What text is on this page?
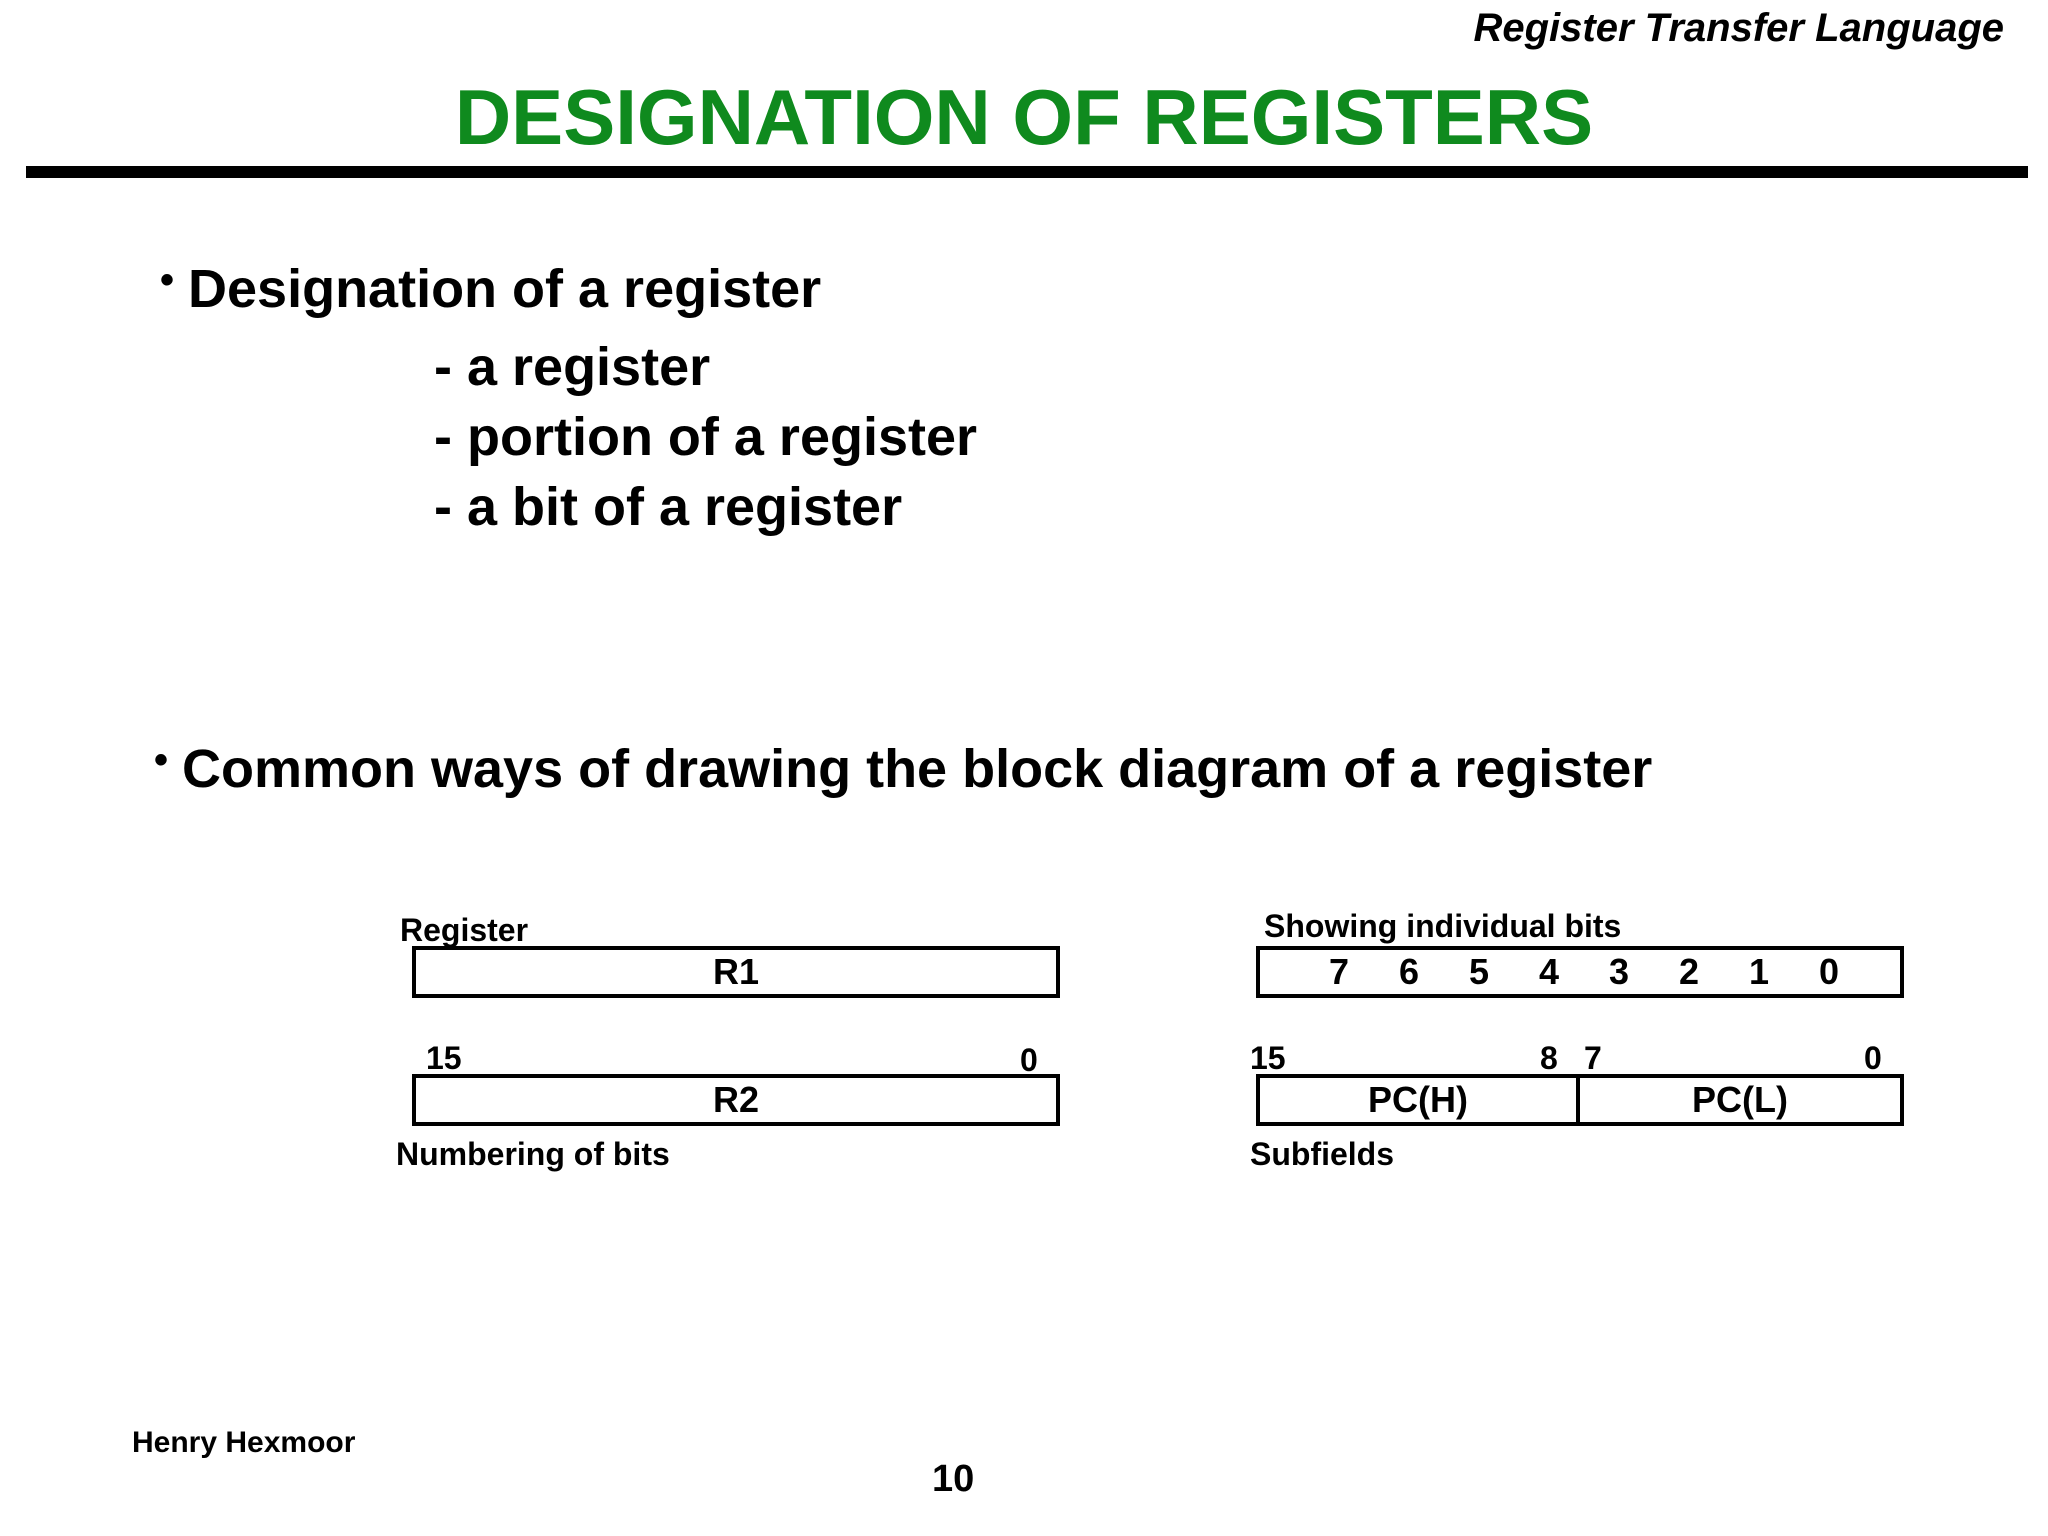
Register Transfer Language
DESIGNATION OF REGISTERS
• Designation of a register
- a register
- portion of a register
- a bit of a register
• Common ways of drawing the block diagram of a register
Register
R1
Showing individual bits
7 6 5 4 3 2 1 0
15	0
R2
Numbering of bits
15	8 7	0
PC(H)	PC(L)
Subfields
Henry Hexmoor
10
